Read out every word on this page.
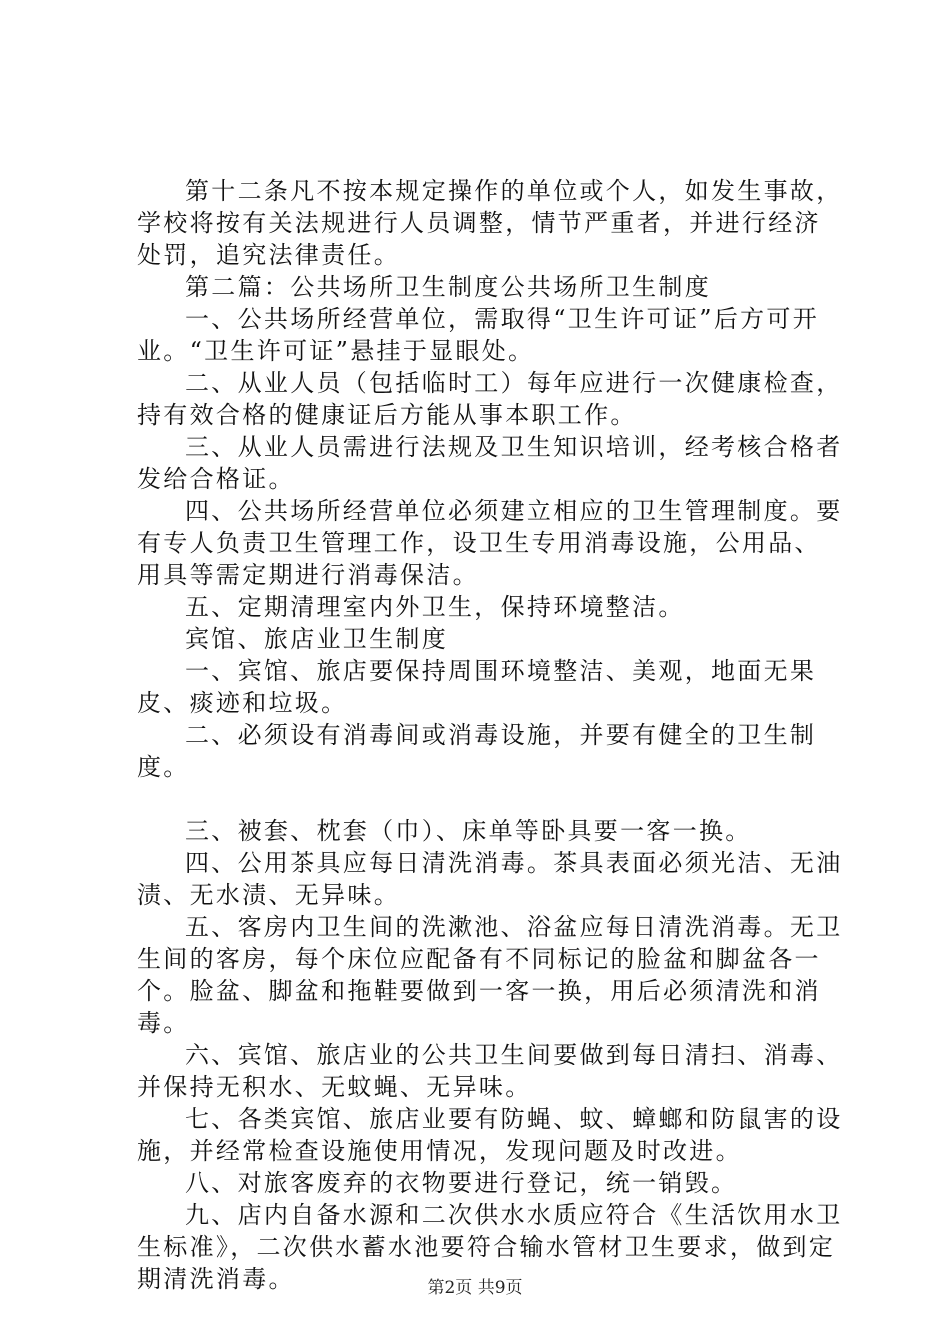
第十二条凡不按本规定操作的单位或个人，如发生事故，学校将按有关法规进行人员调整，情节严重者，并进行经济处罚，追究法律责任。

第二篇：公共场所卫生制度公共场所卫生制度

一、公共场所经营单位，需取得“卫生许可证”后方可开业。“卫生许可证”悬挂于显眼处。

二、从业人员（包括临时工）每年应进行一次健康检查，持有效合格的健康证后方能从事本职工作。

三、从业人员需进行法规及卫生知识培训，经考核合格者发给合格证。

四、公共场所经营单位必须建立相应的卫生管理制度。要有专人负责卫生管理工作，设卫生专用消毒设施，公用品、用具等需定期进行消毒保洁。

五、定期清理室内外卫生，保持环境整洁。

宾馆、旅店业卫生制度

一、宾馆、旅店要保持周围环境整洁、美观，地面无果皮、痰迹和垃圾。

二、必须设有消毒间或消毒设施，并要有健全的卫生制度。

三、被套、枕套（巾）、床单等卧具要一客一换。

四、公用茶具应每日清洗消毒。茶具表面必须光洁、无油渍、无水渍、无异味。

五、客房内卫生间的洗漱池、浴盆应每日清洗消毒。无卫生间的客房，每个床位应配备有不同标记的脸盆和脚盆各一个。脸盆、脚盆和拖鞋要做到一客一换，用后必须清洗和消毒。

六、宾馆、旅店业的公共卫生间要做到每日清扫、消毒、并保持无积水、无蚊蝇、无异味。

七、各类宾馆、旅店业要有防蝇、蚊、蟑螂和防鼠害的设施，并经常检查设施使用情况，发现问题及时改进。

八、对旅客废弃的衣物要进行登记，统一销毁。

九、店内自备水源和二次供水水质应符合《生活饮用水卫生标准》，二次供水蓄水池要符合输水管材卫生要求，做到定期清洗消毒。	第2页 共9页
